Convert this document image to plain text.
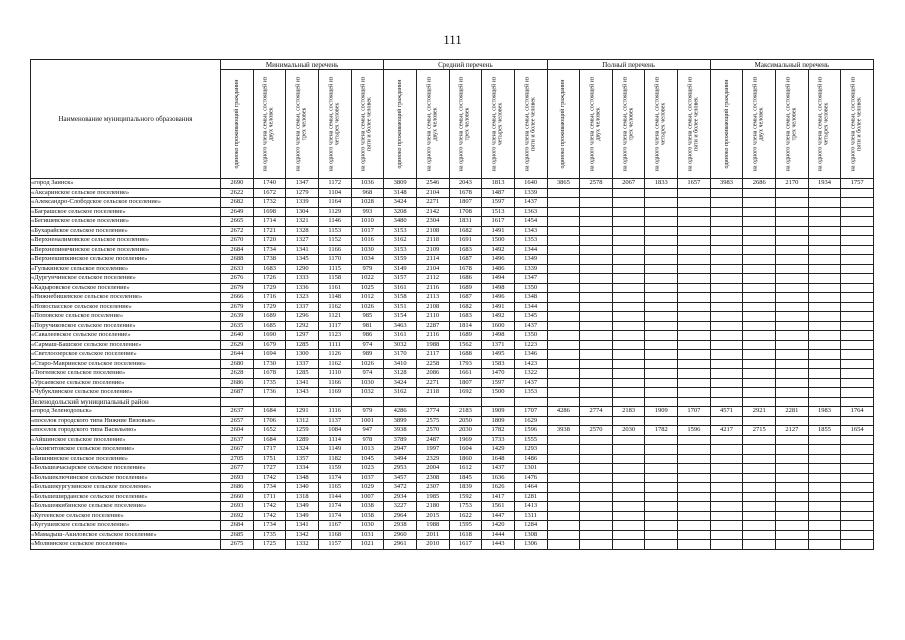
111
Наименование муниципального образования	Минимальный перечень					Средний перечень					Полный перечень					Максимальный перечень				

	одиноко проживающий гражданин	на одного члена семьи, состоящей из двух человек	на одного члена семьи, состоящей из трех человек	на одного члена семьи, состоящей из четырех человек	на одного члена семьи, состоящей из пяти и более человек	одиноко проживающий гражданин	на одного члена семьи, состоящей из двух человек	на одного члена семьи, состоящей из трех человек	на одного члена семьи, состоящей из четырех человек	на одного члена семьи, состоящей из пяти и более человек	одиноко проживающий гражданин	на одного члена семьи, состоящей из двух человек	на одного члена семьи, состоящей из трех человек	на одного члена семьи, состоящей из четырех человек	на одного члена семьи, состоящей из пяти и более человек	одиноко проживающий гражданин	на одного члена семьи, состоящей из двух человек	на одного члена семьи, состоящей из трех человек	на одного члена семьи, состоящей из четырех человек	на одного члена семьи, состоящей из пяти и более человек

«город Заинск»	2690	1740	1347	1172	1036	3809	2546	2043	1813	1640	3865	2578	2067	1833	1657	3983	2686	2170	1934	1757
«Аксаринское сельское поселение»	2622	1672	1279	1104	968	3148	2104	1678	1487	1339										
«Александро-Слободское сельское поселение»	2682	1732	1339	1164	1028	3424	2271	1807	1597	1437										
«Баграшское сельское поселение»	2649	1698	1304	1129	993	3208	2142	1708	1513	1363										
«Бегишевское сельское поселение»	2665	1714	1321	1146	1010	3480	2304	1831	1617	1454										
«Бухарайское сельское поселение»	2672	1721	1328	1153	1017	3153	2108	1682	1491	1343										
«Верхненалимовское сельское поселение»	2670	1720	1327	1152	1016	3162	2118	1691	1500	1353										
«Верхнепинячинское сельское поселение»	2684	1734	1341	1166	1030	3153	2109	1683	1492	1344										
«Верхнешипкинское сельское поселение»	2688	1738	1345	1170	1034	3159	2114	1687	1496	1349										
«Гулькинское сельское поселение»	2633	1683	1290	1115	979	3149	2104	1678	1486	1339										
«Дургунчинское сельское поселение»	2676	1726	1333	1158	1022	3157	2112	1686	1494	1347										
«Кадыровское сельское поселение»	2679	1729	1336	1161	1025	3161	2116	1689	1498	1350										
«Нижнебишевское сельское поселение»	2666	1716	1323	1148	1012	3158	2113	1687	1496	1348										
«Новоспасское сельское поселение»	2679	1729	1337	1162	1026	3151	2108	1682	1491	1344										
«Поповское сельское поселение»	2639	1689	1296	1121	985	3154	2110	1683	1492	1345										
«Поручиковское сельское поселение»	2635	1685	1292	1117	981	3463	2287	1814	1600	1437										
«Савалеевское сельское поселение»	2640	1690	1297	1123	986	3161	2116	1689	1498	1350										
«Сармаш-Башское сельское поселение»	2629	1679	1285	1111	974	3032	1988	1562	1371	1223										
«Светлоозерское сельское поселение»	2644	1694	1300	1126	989	3170	2117	1688	1495	1346										
«Старо-Мавринское сельское поселение»	2680	1730	1337	1162	1026	3410	2258	1793	1583	1423										
«Тюгеевское сельское поселение»	2628	1678	1285	1110	974	3128	2086	1661	1470	1322										
«Урсаевское сельское поселение»	2686	1735	1341	1166	1030	3424	2271	1807	1597	1437										
«Чубуклинское сельское поселение»	2687	1736	1343	1169	1032	3162	2118	1692	1500	1353										
Зеленодольский муниципальный район																				
«город Зеленодольск»	2637	1684	1291	1116	979	4286	2774	2183	1909	1707	4286	2774	2183	1909	1707	4571	2921	2281	1983	1764
«поселок городского типа Нижние Вязовые»	2657	1706	1312	1137	1001	3899	2575	2050	1809	1629										
«поселок городского типа Васильево»	2604	1652	1259	1084	947	3938	2570	2030	1782	1596	3938	2570	2030	1782	1596	4217	2715	2127	1855	1654
«Айшинское сельское поселение»	2637	1684	1289	1114	978	3789	2487	1969	1733	1555										
«Акзигитовское сельское поселение»	2667	1717	1324	1149	1013	2947	1997	1604	1429	1293										
«Бишнинское сельское поселение»	2705	1751	1357	1182	1045	3494	2329	1860	1648	1486										
«Большеачасырское сельское поселение»	2677	1727	1334	1159	1023	2953	2004	1612	1437	1301										
«Большеключинское сельское поселение»	2693	1742	1348	1174	1037	3457	2308	1845	1636	1476										
«Большекургузинское сельское поселение»	2686	1734	1340	1165	1029	3472	2307	1839	1626	1464										
«Большеширданское сельское поселение»	2660	1711	1318	1144	1007	2934	1985	1592	1417	1281										
«Большеяки6инское сельское поселение»	2693	1742	1349	1174	1038	3227	2180	1753	1561	1413										
«Кугеевское сельское поселение»	2692	1742	1349	1174	1038	2964	2015	1622	1447	1311										
«Кугушевское сельское поселение»	2684	1734	1341	1167	1030	2938	1988	1595	1420	1284										
«Мамадыш-Акиловское сельское поселение»	2685	1735	1342	1168	1031	2960	2011	1618	1444	1308										
«Молвинское сельское поселение»	2675	1725	1332	1157	1021	2961	2010	1617	1443	1306										
